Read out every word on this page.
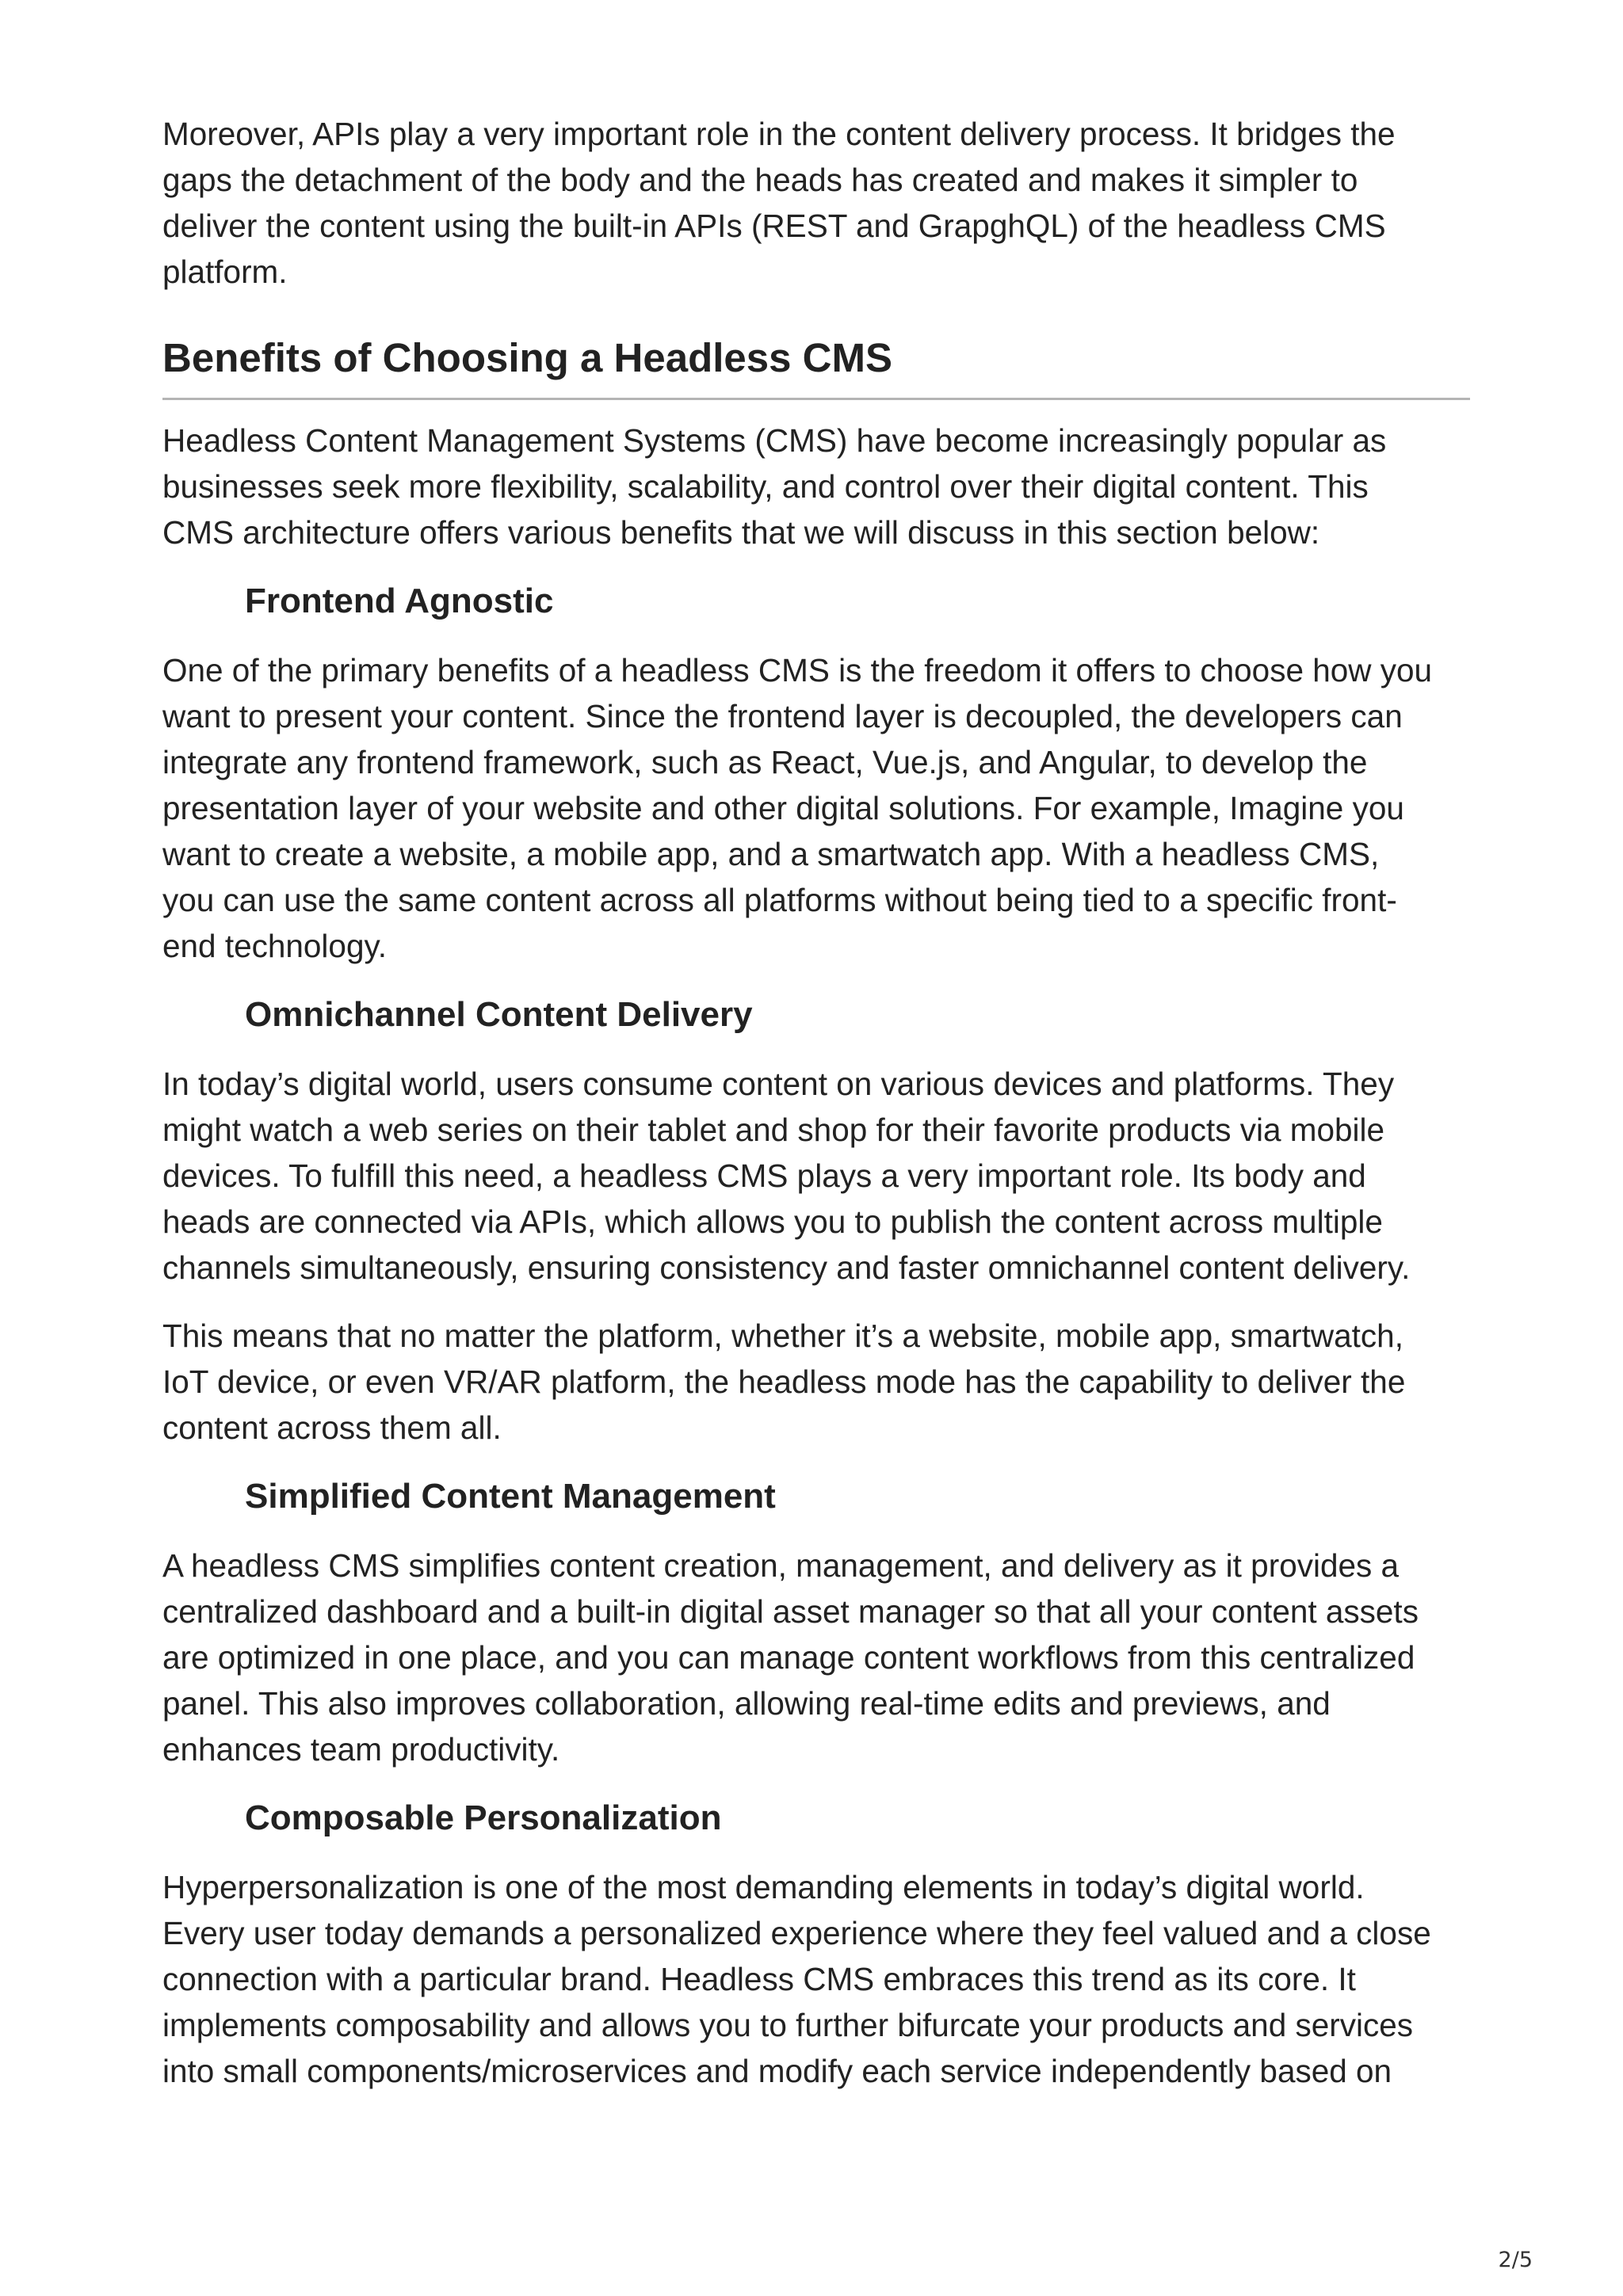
Moreover, APIs play a very important role in the content delivery process. It bridges the
gaps the detachment of the body and the heads has created and makes it simpler to
deliver the content using the built-in APIs (REST and GrapghQL) of the headless CMS
platform.

Benefits of Choosing a Headless CMS

Headless Content Management Systems (CMS) have become increasingly popular as
businesses seek more flexibility, scalability, and control over their digital content. This
CMS architecture offers various benefits that we will discuss in this section below:

Frontend Agnostic

One of the primary benefits of a headless CMS is the freedom it offers to choose how you
want to present your content. Since the frontend layer is decoupled, the developers can
integrate any frontend framework, such as React, Vue.js, and Angular, to develop the
presentation layer of your website and other digital solutions. For example, Imagine you
want to create a website, a mobile app, and a smartwatch app. With a headless CMS,
you can use the same content across all platforms without being tied to a specific front-
end technology.

Omnichannel Content Delivery

In today’s digital world, users consume content on various devices and platforms. They
might watch a web series on their tablet and shop for their favorite products via mobile
devices. To fulfill this need, a headless CMS plays a very important role. Its body and
heads are connected via APIs, which allows you to publish the content across multiple
channels simultaneously, ensuring consistency and faster omnichannel content delivery.

This means that no matter the platform, whether it’s a website, mobile app, smartwatch,
IoT device, or even VR/AR platform, the headless mode has the capability to deliver the
content across them all.

Simplified Content Management

A headless CMS simplifies content creation, management, and delivery as it provides a
centralized dashboard and a built-in digital asset manager so that all your content assets
are optimized in one place, and you can manage content workflows from this centralized
panel. This also improves collaboration, allowing real-time edits and previews, and
enhances team productivity.

Composable Personalization

Hyperpersonalization is one of the most demanding elements in today’s digital world.
Every user today demands a personalized experience where they feel valued and a close
connection with a particular brand. Headless CMS embraces this trend as its core. It
implements composability and allows you to further bifurcate your products and services
into small components/microservices and modify each service independently based on

2/5
